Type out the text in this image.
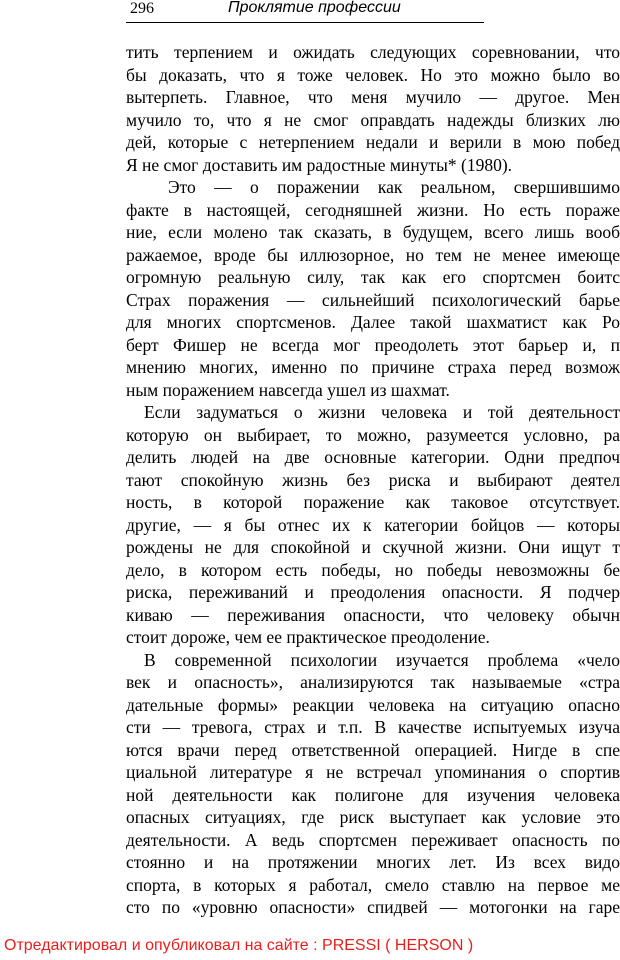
296	Проклятие профессии
тить терпением и ожидать следующих соревновании, что
бы доказать, что я тоже человек. Но это можно было во
вытерпеть. Главное, что меня мучило — другое. Мен
мучило то, что я не смог оправдать надежды близких лю
дей, которые с нетерпением недали и верили в мою побед
Я не смог доставить им радостные минуты* (1980).
Это — о поражении как реальном, свершившимо
факте в настоящей, сегодняшней жизни. Но есть пораже
ние, если молено так сказать, в будущем, всего лишь вооб
ражаемое, вроде бы иллюзорное, но тем не менее имеюще
огромную реальную силу, так как его спортсмен боитс
Страх поражения — сильнейший психологический барье
для многих спортсменов. Далее такой шахматист как Ро
берт Фишер не всегда мог преодолеть этот барьер и, п
мнению многих, именно по причине страха перед возмож
ным поражением навсегда ушел из шахмат.
Если задуматься о жизни человека и той деятельност
которую он выбирает, то можно, разумеется условно, ра
делить людей на две основные категории. Одни предпоч
тают спокойную жизнь без риска и выбирают деятел
ность, в которой поражение как таковое отсутствует.
другие, — я бы отнес их к категории бойцов — которы
рождены не для спокойной и скучной жизни. Они ищут т
дело, в котором есть победы, но победы невозможны бе
риска, переживаний и преодоления опасности. Я подчер
киваю — переживания опасности, что человеку обычн
стоит дороже, чем ее практическое преодоление.
В современной психологии изучается проблема «чело
век и опасность», анализируются так называемые «стра
дательные формы» реакции человека на ситуацию опасно
сти — тревога, страх и т.п. В качестве испытуемых изуча
ются врачи перед ответственной операцией. Нигде в спе
циальной литературе я не встречал упоминания о спортив
ной деятельности как полигоне для изучения человека
опасных ситуациях, где риск выступает как условие это
деятельности. А ведь спортсмен переживает опасность по
стоянно и на протяжении многих лет. Из всех видо
спорта, в которых я работал, смело ставлю на первое ме
сто по «уровню опасности» спидвей — мотогонки на гаре
Отредактировал и опубликовал на сайте : PRESSI ( HERSON )
